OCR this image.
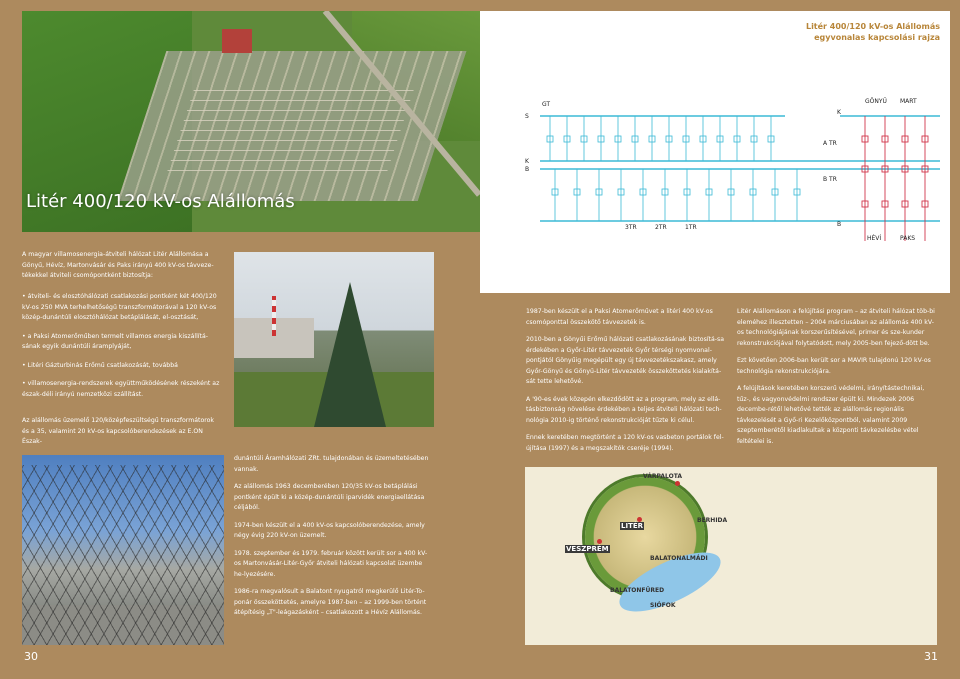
Litér 400/120 kV-os Alállomás
Litér 400/120 kV-os Alállomás
egyvonalas kapcsolási rajza
GT
S
GÖNYŰ MART
K
A TR
K
B
B TR
B
3TR	2TR	1TR
HÉVÍ	PAKS
A magyar villamosenergia-átviteli hálózat Litér Alállomása a Gönyű, Hévíz, Martonvásár és Paks irányú 400 kV-os távveze-tékekkel átviteli csomópontként biztosítja:
• átviteli- és elosztóhálózati csatlakozási pontként két 400/120 kV-os 250 MVA terhelhetőségű transzformátorával a 120 kV-os közép-dunántúli elosztóhálózat betáplálását, el-osztását,
• a Paksi Atomerőműben termelt villamos energia kiszállítá-sának egyik dunántúli áramplyáját,
• Litéri Gázturbinás Erőmű csatlakozását, továbbá
• villamosenergia-rendszerek együttműködésének részeként az észak-déli irányú nemzetközi szállítást.
Az alállomás üzemelő 120/középfeszültségű transzformátorok és a 35, valamint 20 kV-os kapcsolóberendezések az E.ON Észak-

dunántúli Áramhálózati ZRt. tulajdonában és üzemeltetésében vannak.

Az alállomás 1963 decemberében 120/35 kV-os betáplálási pontként épült ki a közép-dunántúli iparvidék energiaellátása céljából.

1974-ben készült el a 400 kV-os kapcsolóberendezése, amely négy évig 220 kV-on üzemelt.

1978. szeptember és 1979. február között került sor a 400 kV-os Martonvásár-Litér-Győr átviteli hálózati kapcsolat üzembe he-lyezésére.

1986-ra megvalósult a Balatont nyugatról megkerülő Litér-To-ponár összeköttetés, amelyre 1987-ben – az 1999-ben történt átépítésig „T"-leágazásként – csatlakozott a Hévíz Alállomás.

1987-ben készült el a Paksi Atomerőművet a litéri 400 kV-os csomóponttal összekötő távvezeték is.

2010-ben a Gönyűi Erőmű hálózati csatlakozásának biztosítá-sa érdekében a Győr-Litér távvezeték Győr térségi nyomvonal-pontjától Gönyűig megépült egy új távvezetékszakasz, amely Győr-Gönyű és Gönyű-Litér távvezeték összeköttetés kialakítá-sát tette lehetővé.

A '90-es évek közepén elkezdődött az a program, mely az ellá-tásbiztonság növelése érdekében a teljes átviteli hálózati tech-nológia 2010-ig történő rekonstrukcióját tűzte ki célul.

Ennek keretében megtörtént a 120 kV-os vasbeton portálok fel-újítása (1997) és a megszakítók cseréje (1994).

Litér Alállomáson a felújítási program – az átviteli hálózat töb-bi eleméhez illesztetten – 2004 márciusában az alállomás 400 kV-os technológiájának korszerűsítésével, primer és sze-kunder rekonstrukciójával folytatódott, mely 2005-ben fejező-dött be.

Ezt követően 2006-ban került sor a MAVIR tulajdonú 120 kV-os technológia rekonstrukciójára.

A felújítások keretében korszerű védelmi, irányítástechnikai, tűz-, és vagyonvédelmi rendszer épült ki. Mindezek 2006 decembe-rétől lehetővé tették az alállomás regionális távkezelését a Győ-ri Kezelőközpontból, valamint 2009 szeptemberétől kiadlakultak a központi távkezelésbe vétel feltételei is.

VÁRPALOTA
LITÉR
BERHIDA
VESZPRÉM
BALATONALMÁDI
BALATONFÜRED
SIÓFOK
30	31
